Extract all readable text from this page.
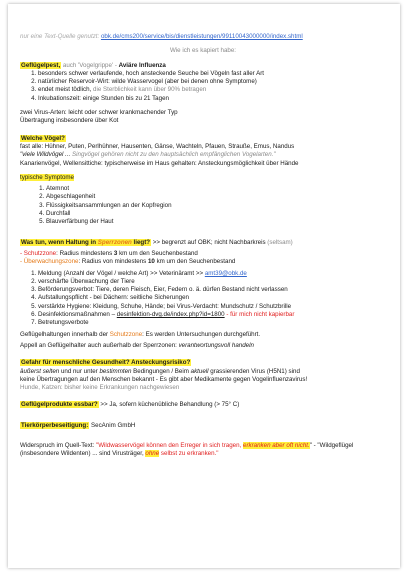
nur eine Text-Quelle genutzt: obk.de/cms200/service/bis/dienstleistungen/99110043000000/index.shtml

Wie ich es kapiert habe:

Geflügelpest, auch 'Vogelgrippe' - Aviäre Influenza

1. besonders schwer verlaufende, hoch ansteckende Seuche bei Vögeln fast aller Art
2. natürlicher Reservoir-Wirt: wilde Wasservogel (aber bei denen ohne Symptome)
3. endet meist tödlich, die Sterblichkeit kann über 90% betragen
4. Inkubationszeit: einige Stunden bis zu 21 Tagen

zwei Virus-Arten: leicht oder schwer krankmachender Typ

Übertragung insbesondere über Kot

Welche Vögel?

fast alle: Hühner, Puten, Perlhühner, Hausenten, Gänse, Wachteln, Pfauen, Strauße, Emus, Nandus

"viele Wildvögel ... Singvögel gehören nicht zu den hauptsächlich empfänglichen Vogelarten."

Kanarienvögel, Wellensittiche: typischerweise im Haus gehalten: Ansteckungsmöglichkeit über Hände

typische Symptome

1. Atemnot
2. Abgeschlagenheit
3. Flüssigkeitsansammlungen an der Kopfregion
4. Durchfall
5. Blauverfärbung der Haut

Was tun, wenn Haltung in Sperrzonen liegt? >> begrenzt auf OBK; nicht Nachbarkreis (seltsam)

- Schutzzone: Radius mindestens 3 km um den Seuchenbestand

- Überwachungszone: Radius von mindestens 10 km um den Seuchenbestand

1. Meldung (Anzahl der Vögel / welche Art) >> Veterinäramt >> amt39@obk.de
2. verschärfte Überwachung der Tiere
3. Beförderungsverbot: Tiere, deren Fleisch, Eier, Federn o. ä. dürfen Bestand nicht verlassen
4. Aufstallungspflicht - bei Dächern: seitliche Sicherungen
5. verstärkte Hygiene: Kleidung, Schuhe, Hände; bei Virus-Verdacht: Mundschutz / Schutzbrille
6. Desinfektionsmaßnahmen – desinfektion-dvg.de/index.php?id=1800 - für mich nicht kapierbar
7. Betretungsverbote

Geflügelhaltungen innerhalb der Schutzzone: Es werden Untersuchungen durchgeführt.

Appell an Geflügelhalter auch außerhalb der Sperrzonen: verantwortungsvoll handeln

Gefahr für menschliche Gesundheit? Ansteckungsrisiko?

äußerst selten und nur unter bestimmten Bedingungen / Beim aktuell grassierenden Virus (H5N1) sind

keine Übertragungen auf den Menschen bekannt - Es gibt aber Medikamente gegen Vogelinfluenzavirus!

Hunde, Katzen: bisher keine Erkrankungen nachgewiesen

Geflügelprodukte essbar? >> Ja, sofern küchenübliche Behandlung (> 75° C)

Tierkörperbeseitigung: SecAnim GmbH

Widerspruch im Quell-Text: "Wildwasservögel können den Erreger in sich tragen, erkranken aber oft nicht." - "Wildgeflügel (insbesondere Wildenten) ... sind Virusträger, ohne selbst zu erkranken."
